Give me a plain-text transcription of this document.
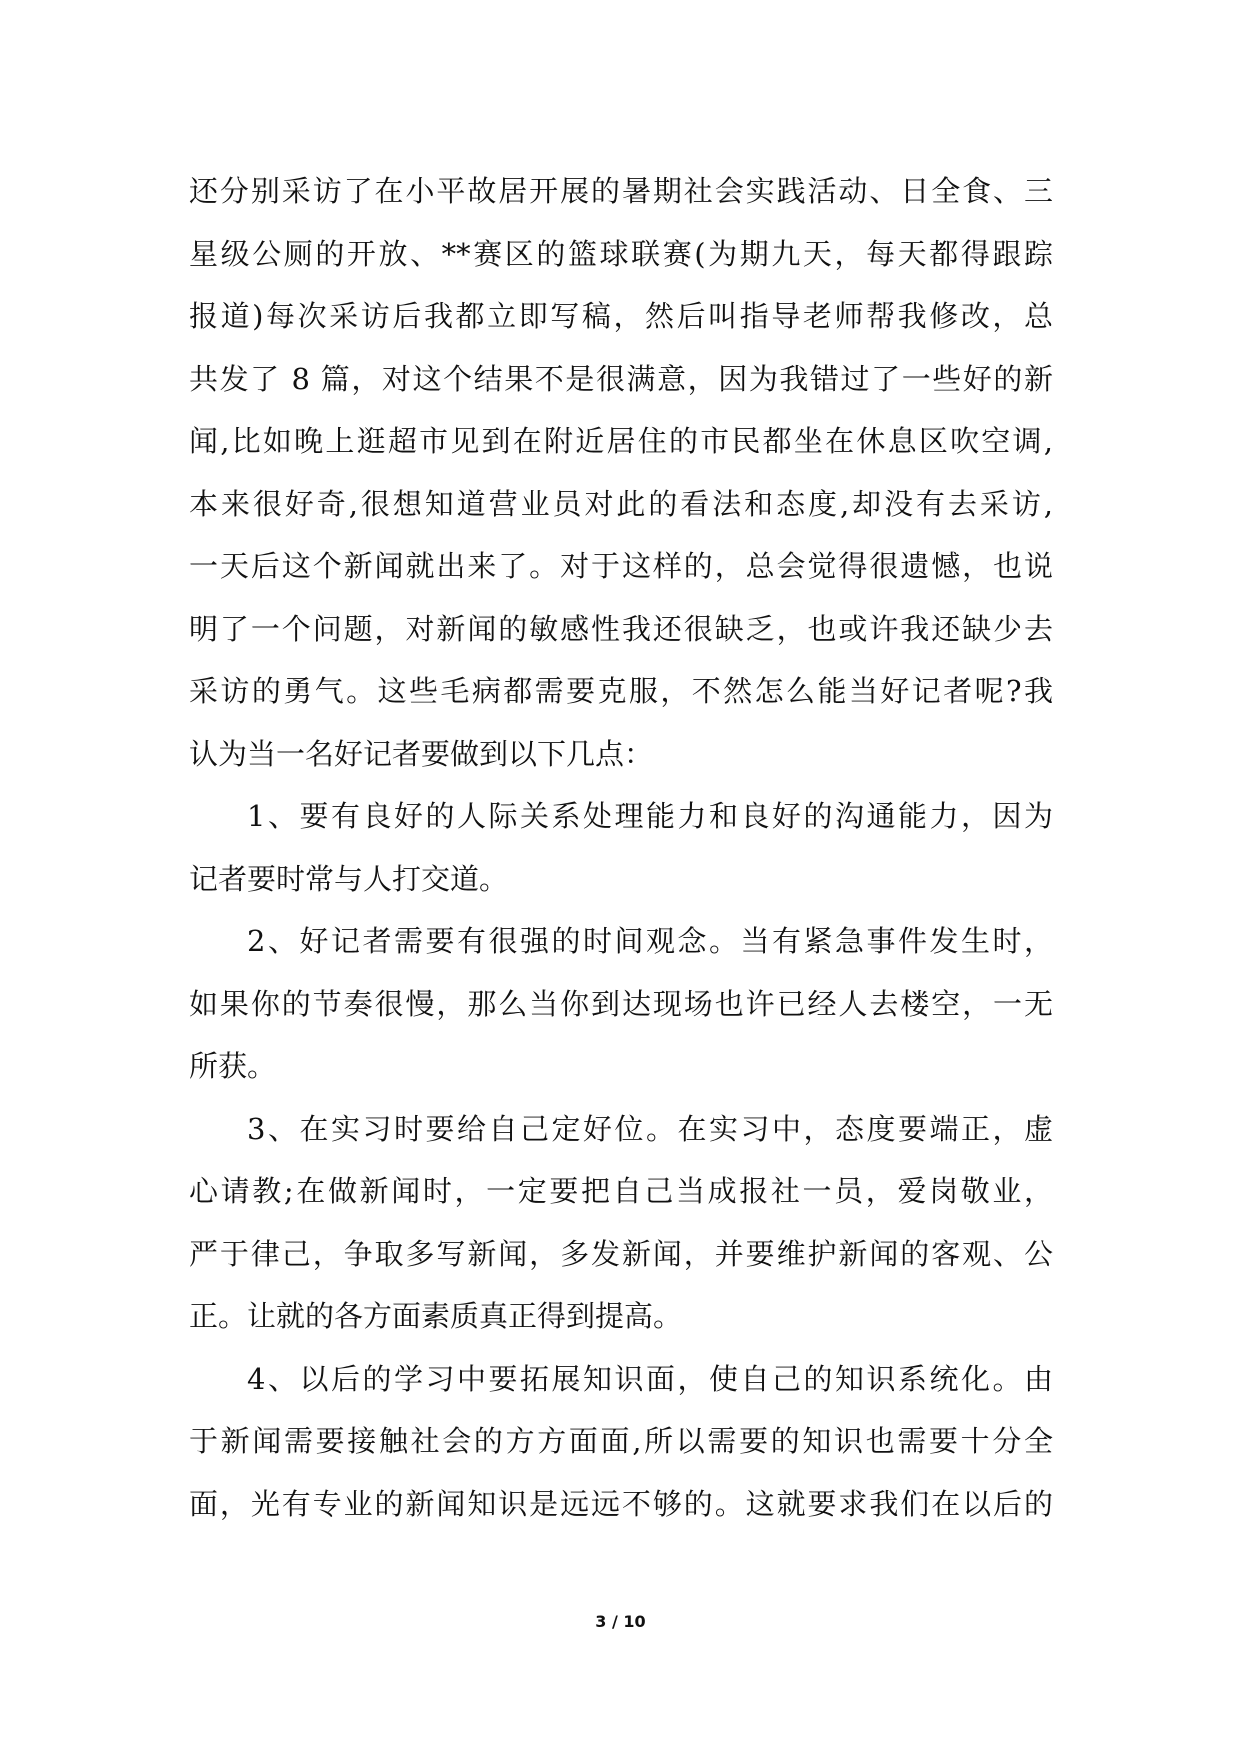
还分别采访了在小平故居开展的暑期社会实践活动、日全食、三
星级公厕的开放、**赛区的篮球联赛(为期九天，每天都得跟踪
报道)每次采访后我都立即写稿，然后叫指导老师帮我修改，总
共发了 8 篇，对这个结果不是很满意，因为我错过了一些好的新
闻,比如晚上逛超市见到在附近居住的市民都坐在休息区吹空调,
本来很好奇,很想知道营业员对此的看法和态度,却没有去采访,
一天后这个新闻就出来了。对于这样的，总会觉得很遗憾，也说
明了一个问题，对新闻的敏感性我还很缺乏，也或许我还缺少去
采访的勇气。这些毛病都需要克服，不然怎么能当好记者呢?我
认为当一名好记者要做到以下几点：

1、要有良好的人际关系处理能力和良好的沟通能力，因为
记者要时常与人打交道。

2、好记者需要有很强的时间观念。当有紧急事件发生时，
如果你的节奏很慢，那么当你到达现场也许已经人去楼空，一无
所获。

3、在实习时要给自己定好位。在实习中，态度要端正，虚
心请教;在做新闻时，一定要把自己当成报社一员，爱岗敬业，
严于律己，争取多写新闻，多发新闻，并要维护新闻的客观、公
正。让就的各方面素质真正得到提高。

4、以后的学习中要拓展知识面，使自己的知识系统化。由
于新闻需要接触社会的方方面面,所以需要的知识也需要十分全
面，光有专业的新闻知识是远远不够的。这就要求我们在以后的

3 / 10
